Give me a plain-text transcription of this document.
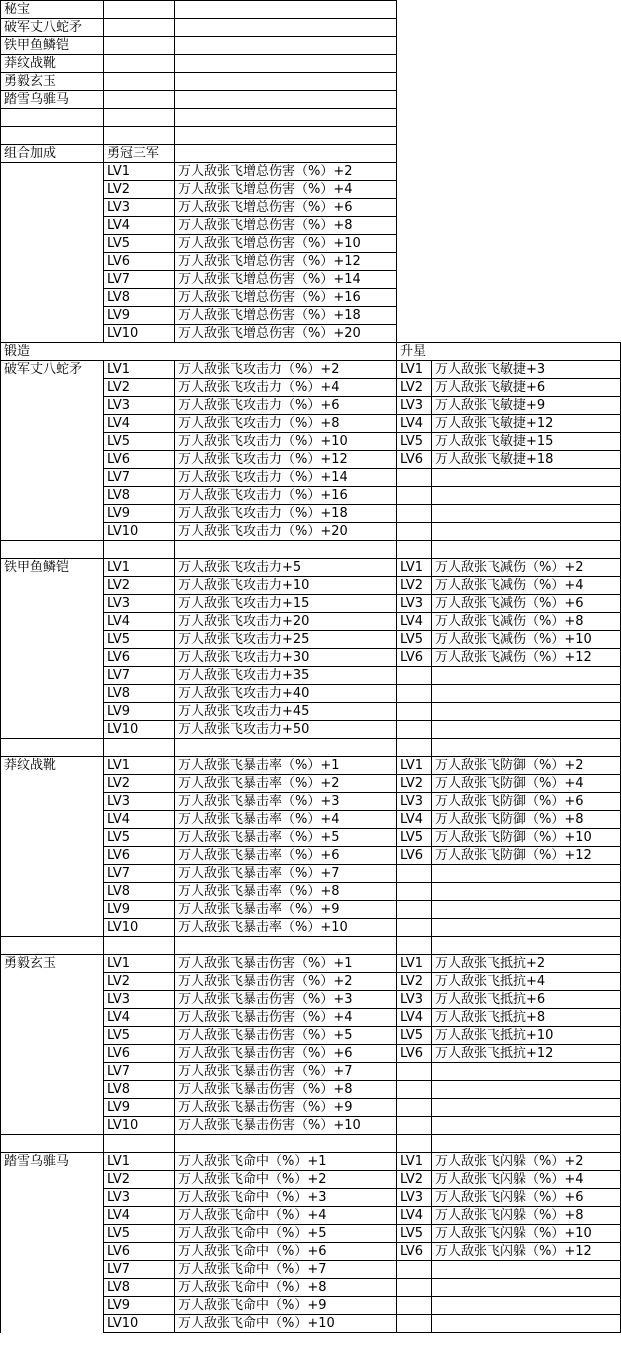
秘宝				
破军丈八蛇矛				
铁甲鱼鳞铠				
莽纹战靴				
勇毅玄玉				
踏雪乌骓马				

组合加成	勇冠三军			
	LV1	万人敌张飞增总伤害（%）+2		
	LV2	万人敌张飞增总伤害（%）+4		
	LV3	万人敌张飞增总伤害（%）+6		
	LV4	万人敌张飞增总伤害（%）+8		
	LV5	万人敌张飞增总伤害（%）+10		
	LV6	万人敌张飞增总伤害（%）+12		
	LV7	万人敌张飞增总伤害（%）+14		
	LV8	万人敌张飞增总伤害（%）+16		
	LV9	万人敌张飞增总伤害（%）+18		
	LV10	万人敌张飞增总伤害（%）+20		
锻造			升星	
破军丈八蛇矛	LV1	万人敌张飞攻击力（%）+2	LV1	万人敌张飞敏捷+3
	LV2	万人敌张飞攻击力（%）+4	LV2	万人敌张飞敏捷+6
	LV3	万人敌张飞攻击力（%）+6	LV3	万人敌张飞敏捷+9
	LV4	万人敌张飞攻击力（%）+8	LV4	万人敌张飞敏捷+12
	LV5	万人敌张飞攻击力（%）+10	LV5	万人敌张飞敏捷+15
	LV6	万人敌张飞攻击力（%）+12	LV6	万人敌张飞敏捷+18
	LV7	万人敌张飞攻击力（%）+14		
	LV8	万人敌张飞攻击力（%）+16		
	LV9	万人敌张飞攻击力（%）+18		
	LV10	万人敌张飞攻击力（%）+20		

铁甲鱼鳞铠	LV1	万人敌张飞攻击力+5	LV1	万人敌张飞减伤（%）+2
	LV2	万人敌张飞攻击力+10	LV2	万人敌张飞减伤（%）+4
	LV3	万人敌张飞攻击力+15	LV3	万人敌张飞减伤（%）+6
	LV4	万人敌张飞攻击力+20	LV4	万人敌张飞减伤（%）+8
	LV5	万人敌张飞攻击力+25	LV5	万人敌张飞减伤（%）+10
	LV6	万人敌张飞攻击力+30	LV6	万人敌张飞减伤（%）+12
	LV7	万人敌张飞攻击力+35		
	LV8	万人敌张飞攻击力+40		
	LV9	万人敌张飞攻击力+45		
	LV10	万人敌张飞攻击力+50		

莽纹战靴	LV1	万人敌张飞暴击率（%）+1	LV1	万人敌张飞防御（%）+2
	LV2	万人敌张飞暴击率（%）+2	LV2	万人敌张飞防御（%）+4
	LV3	万人敌张飞暴击率（%）+3	LV3	万人敌张飞防御（%）+6
	LV4	万人敌张飞暴击率（%）+4	LV4	万人敌张飞防御（%）+8
	LV5	万人敌张飞暴击率（%）+5	LV5	万人敌张飞防御（%）+10
	LV6	万人敌张飞暴击率（%）+6	LV6	万人敌张飞防御（%）+12
	LV7	万人敌张飞暴击率（%）+7		
	LV8	万人敌张飞暴击率（%）+8		
	LV9	万人敌张飞暴击率（%）+9		
	LV10	万人敌张飞暴击率（%）+10		

勇毅玄玉	LV1	万人敌张飞暴击伤害（%）+1	LV1	万人敌张飞抵抗+2
	LV2	万人敌张飞暴击伤害（%）+2	LV2	万人敌张飞抵抗+4
	LV3	万人敌张飞暴击伤害（%）+3	LV3	万人敌张飞抵抗+6
	LV4	万人敌张飞暴击伤害（%）+4	LV4	万人敌张飞抵抗+8
	LV5	万人敌张飞暴击伤害（%）+5	LV5	万人敌张飞抵抗+10
	LV6	万人敌张飞暴击伤害（%）+6	LV6	万人敌张飞抵抗+12
	LV7	万人敌张飞暴击伤害（%）+7		
	LV8	万人敌张飞暴击伤害（%）+8		
	LV9	万人敌张飞暴击伤害（%）+9		
	LV10	万人敌张飞暴击伤害（%）+10		

踏雪乌骓马	LV1	万人敌张飞命中（%）+1	LV1	万人敌张飞闪躲（%）+2
	LV2	万人敌张飞命中（%）+2	LV2	万人敌张飞闪躲（%）+4
	LV3	万人敌张飞命中（%）+3	LV3	万人敌张飞闪躲（%）+6
	LV4	万人敌张飞命中（%）+4	LV4	万人敌张飞闪躲（%）+8
	LV5	万人敌张飞命中（%）+5	LV5	万人敌张飞闪躲（%）+10
	LV6	万人敌张飞命中（%）+6	LV6	万人敌张飞闪躲（%）+12
	LV7	万人敌张飞命中（%）+7		
	LV8	万人敌张飞命中（%）+8		
	LV9	万人敌张飞命中（%）+9		
	LV10	万人敌张飞命中（%）+10		
